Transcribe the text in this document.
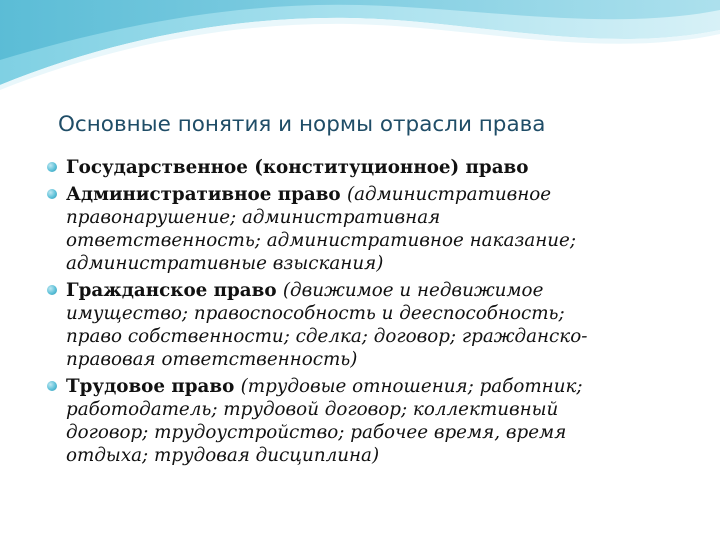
Основные понятия и нормы отрасли права
Государственное (конституционное) право
Административное право (административное
правонарушение; административная
ответственность; административное наказание;
административные взыскания)
Гражданское право (движимое и недвижимое
имущество; правоспособность и дееспособность;
право собственности; сделка; договор; гражданско-
правовая ответственность)
Трудовое право (трудовые отношения; работник;
работодатель; трудовой договор; коллективный
договор; трудоустройство; рабочее время, время
отдыха; трудовая дисциплина)
